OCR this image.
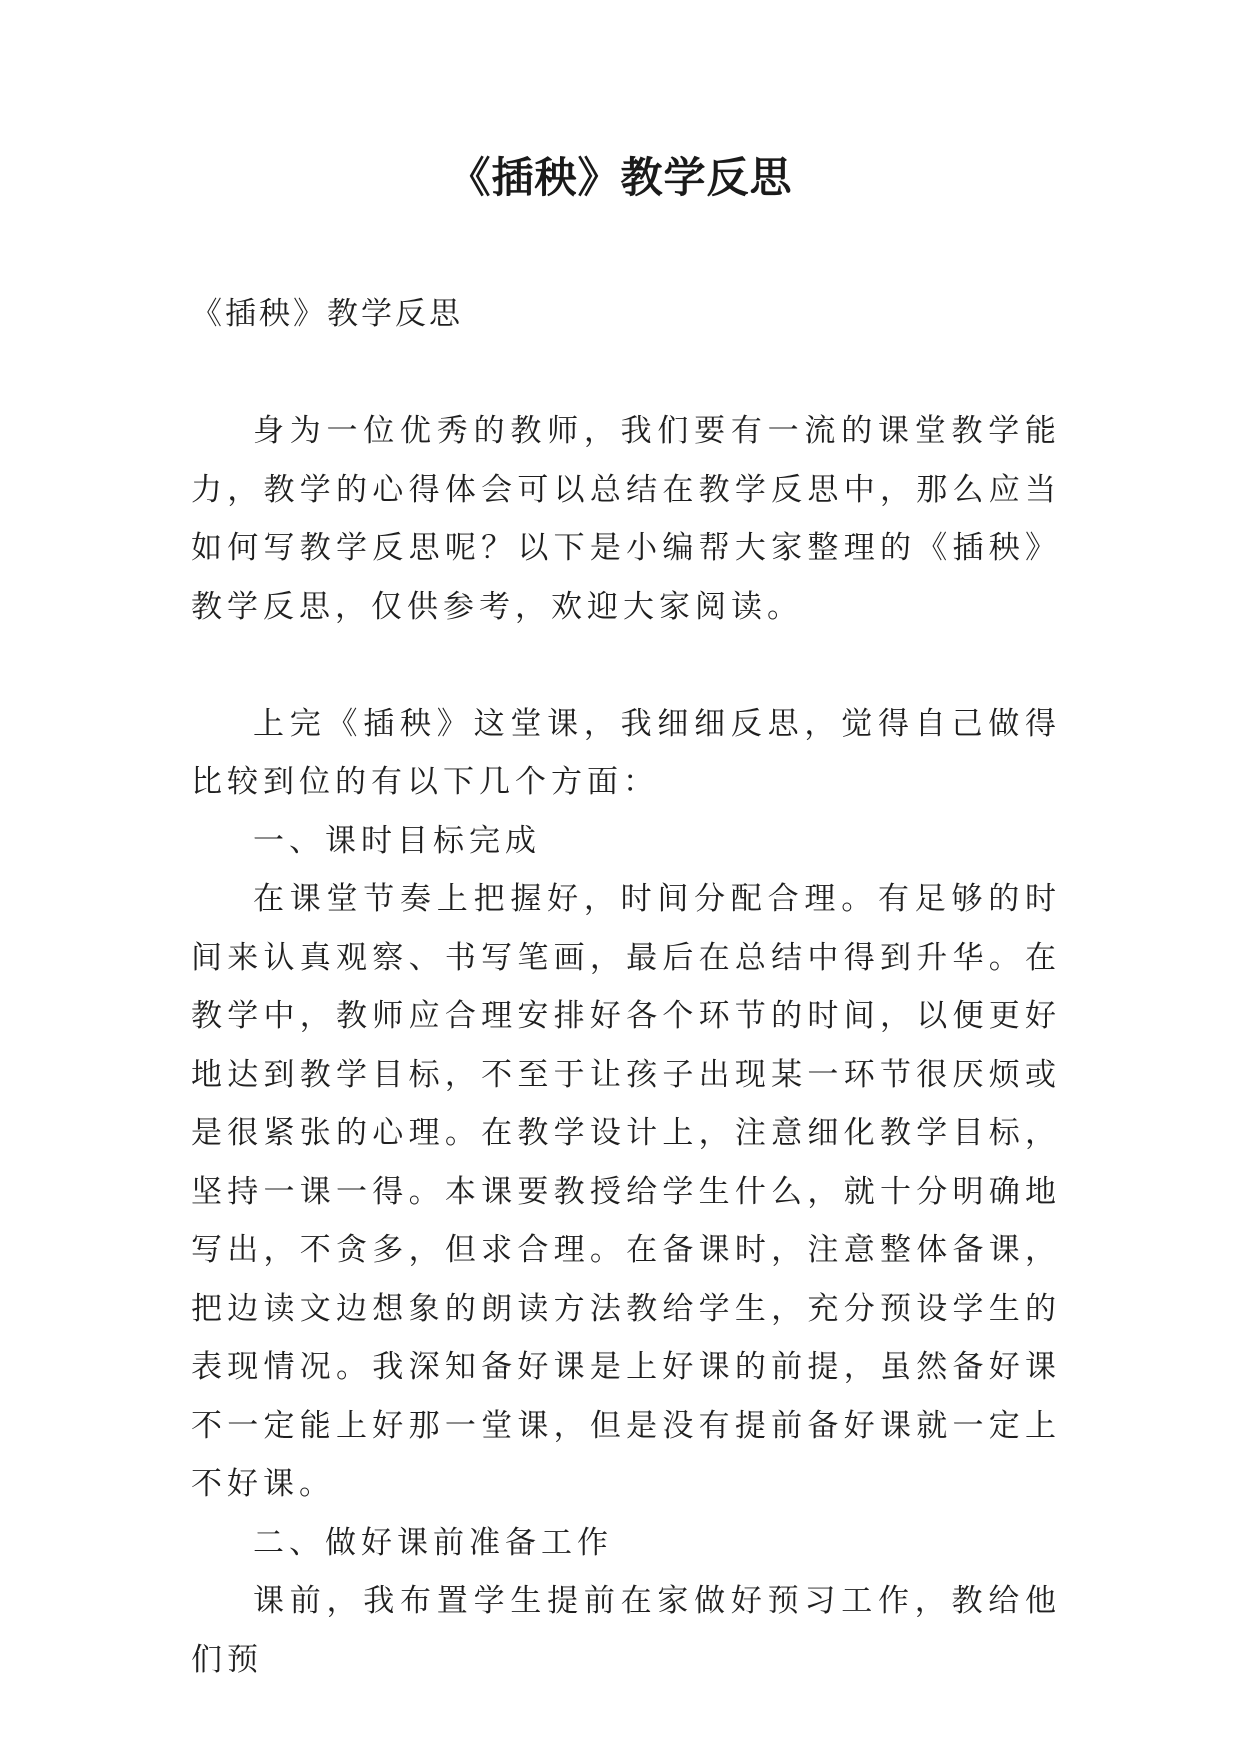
《插秧》教学反思

《插秧》教学反思

身为一位优秀的教师，我们要有一流的课堂教学能力，教学的心得体会可以总结在教学反思中，那么应当如何写教学反思呢？以下是小编帮大家整理的《插秧》教学反思，仅供参考，欢迎大家阅读。

上完《插秧》这堂课，我细细反思，觉得自己做得比较到位的有以下几个方面：

一、课时目标完成

在课堂节奏上把握好，时间分配合理。有足够的时间来认真观察、书写笔画，最后在总结中得到升华。在教学中，教师应合理安排好各个环节的时间，以便更好地达到教学目标，不至于让孩子出现某一环节很厌烦或是很紧张的心理。在教学设计上，注意细化教学目标，坚持一课一得。本课要教授给学生什么，就十分明确地写出，不贪多，但求合理。在备课时，注意整体备课，把边读文边想象的朗读方法教给学生，充分预设学生的表现情况。我深知备好课是上好课的前提，虽然备好课不一定能上好那一堂课，但是没有提前备好课就一定上不好课。

二、做好课前准备工作

课前，我布置学生提前在家做好预习工作，教给他们预
